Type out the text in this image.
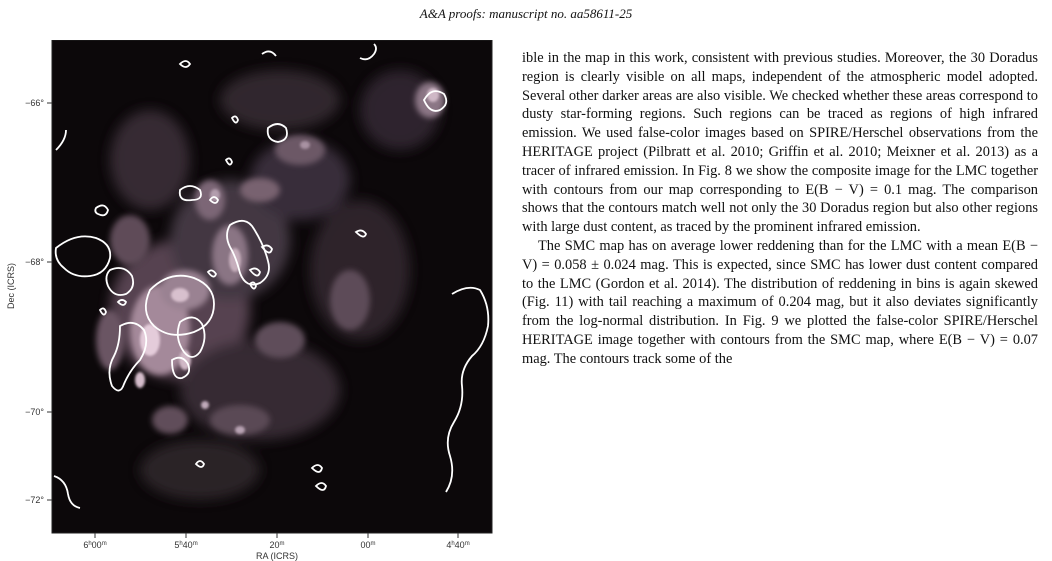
A&A proofs: manuscript no. aa58611-25
−66°
−68°
−70°
−72°
Dec (ICRS)
6$^h$00$^m$	5$^h$40$^m$	20$^m$	00$^m$	4$^h$40$^m$
RA (ICRS)

ible in the map in this work, consistent with previous studies. Moreover, the 30 Doradus region is clearly visible on all maps, independent of the atmospheric model adopted. Several other darker areas are also visible. We checked whether these areas correspond to dusty star-forming regions. Such regions can be traced as regions of high infrared emission. We used false-color images based on SPIRE/Herschel observations from the HERITAGE project (Pilbratt et al. 2010; Griffin et al. 2010; Meixner et al. 2013) as a tracer of infrared emission. In Fig. 8 we show the composite image for the LMC together with contours from our map corresponding to E(B − V) = 0.1 mag. The comparison shows that the contours match well not only the 30 Doradus region but also other regions with large dust content, as traced by the prominent infrared emission.

The SMC map has on average lower reddening than for the LMC with a mean E(B − V) = 0.058 ± 0.024 mag. This is expected, since SMC has lower dust content compared to the LMC (Gordon et al. 2014). The distribution of reddening in bins is again skewed (Fig. 11) with tail reaching a maximum of 0.204 mag, but it also deviates significantly from the log-normal distribution. In Fig. 9 we plotted the false-color SPIRE/Herschel HERITAGE image together with contours from the SMC map, where E(B − V) = 0.07 mag. The contours track some of the
